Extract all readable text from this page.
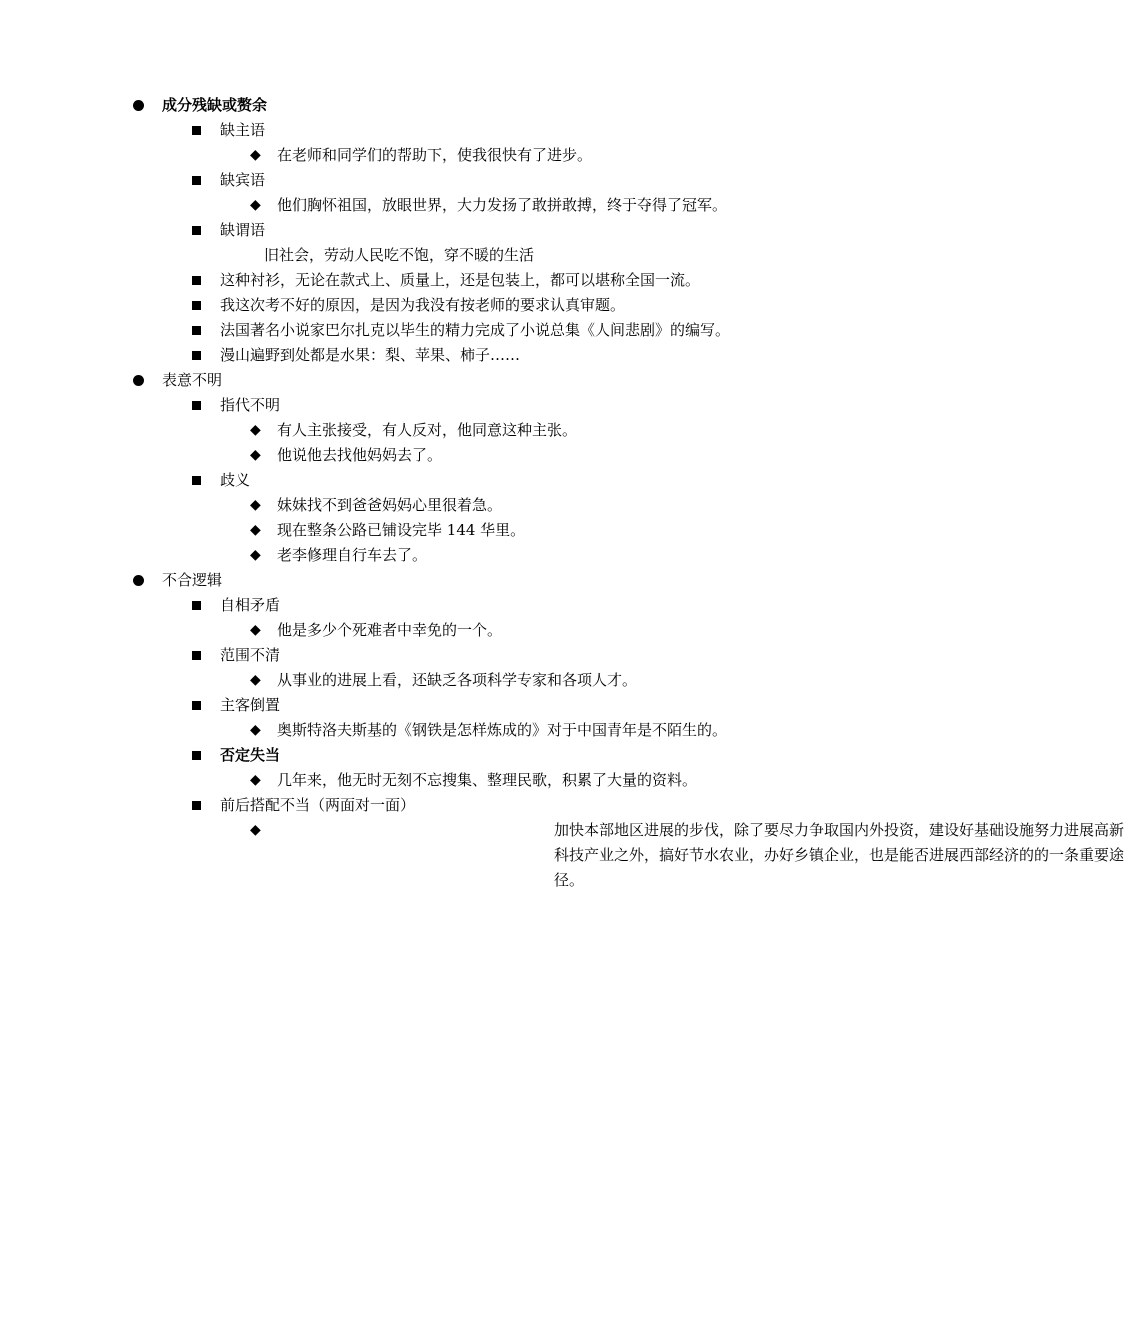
成分残缺或赘余
缺主语
◆ 在老师和同学们的帮助下，使我很快有了进步。
缺宾语
◆ 他们胸怀祖国，放眼世界，大力发扬了敢拼敢搏，终于夺得了冠军。
缺谓语
旧社会，劳动人民吃不饱，穿不暖的生活
这种衬衫，无论在款式上、质量上，还是包装上，都可以堪称全国一流。
我这次考不好的原因，是因为我没有按老师的要求认真审题。
法国著名小说家巴尔扎克以毕生的精力完成了小说总集《人间悲剧》的编写。
漫山遍野到处都是水果：梨、苹果、柿子……
表意不明
指代不明
◆ 有人主张接受，有人反对，他同意这种主张。
◆ 他说他去找他妈妈去了。
歧义
◆ 妹妹找不到爸爸妈妈心里很着急。
◆ 现在整条公路已铺设完毕 144 华里。
◆ 老李修理自行车去了。
不合逻辑
自相矛盾
◆ 他是多少个死难者中幸免的一个。
范围不清
◆ 从事业的进展上看，还缺乏各项科学专家和各项人才。
主客倒置
◆ 奥斯特洛夫斯基的《钢铁是怎样炼成的》对于中国青年是不陌生的。
否定失当
◆ 几年来，他无时无刻不忘搜集、整理民歌，积累了大量的资料。
前后搭配不当（两面对一面）
◆	加快本部地区进展的步伐，除了要尽力争取国内外投资，建设好基础设施努力进展高新科技产业之外，搞好节水农业，办好乡镇企业，也是能否进展西部经济的的一条重要途径。
